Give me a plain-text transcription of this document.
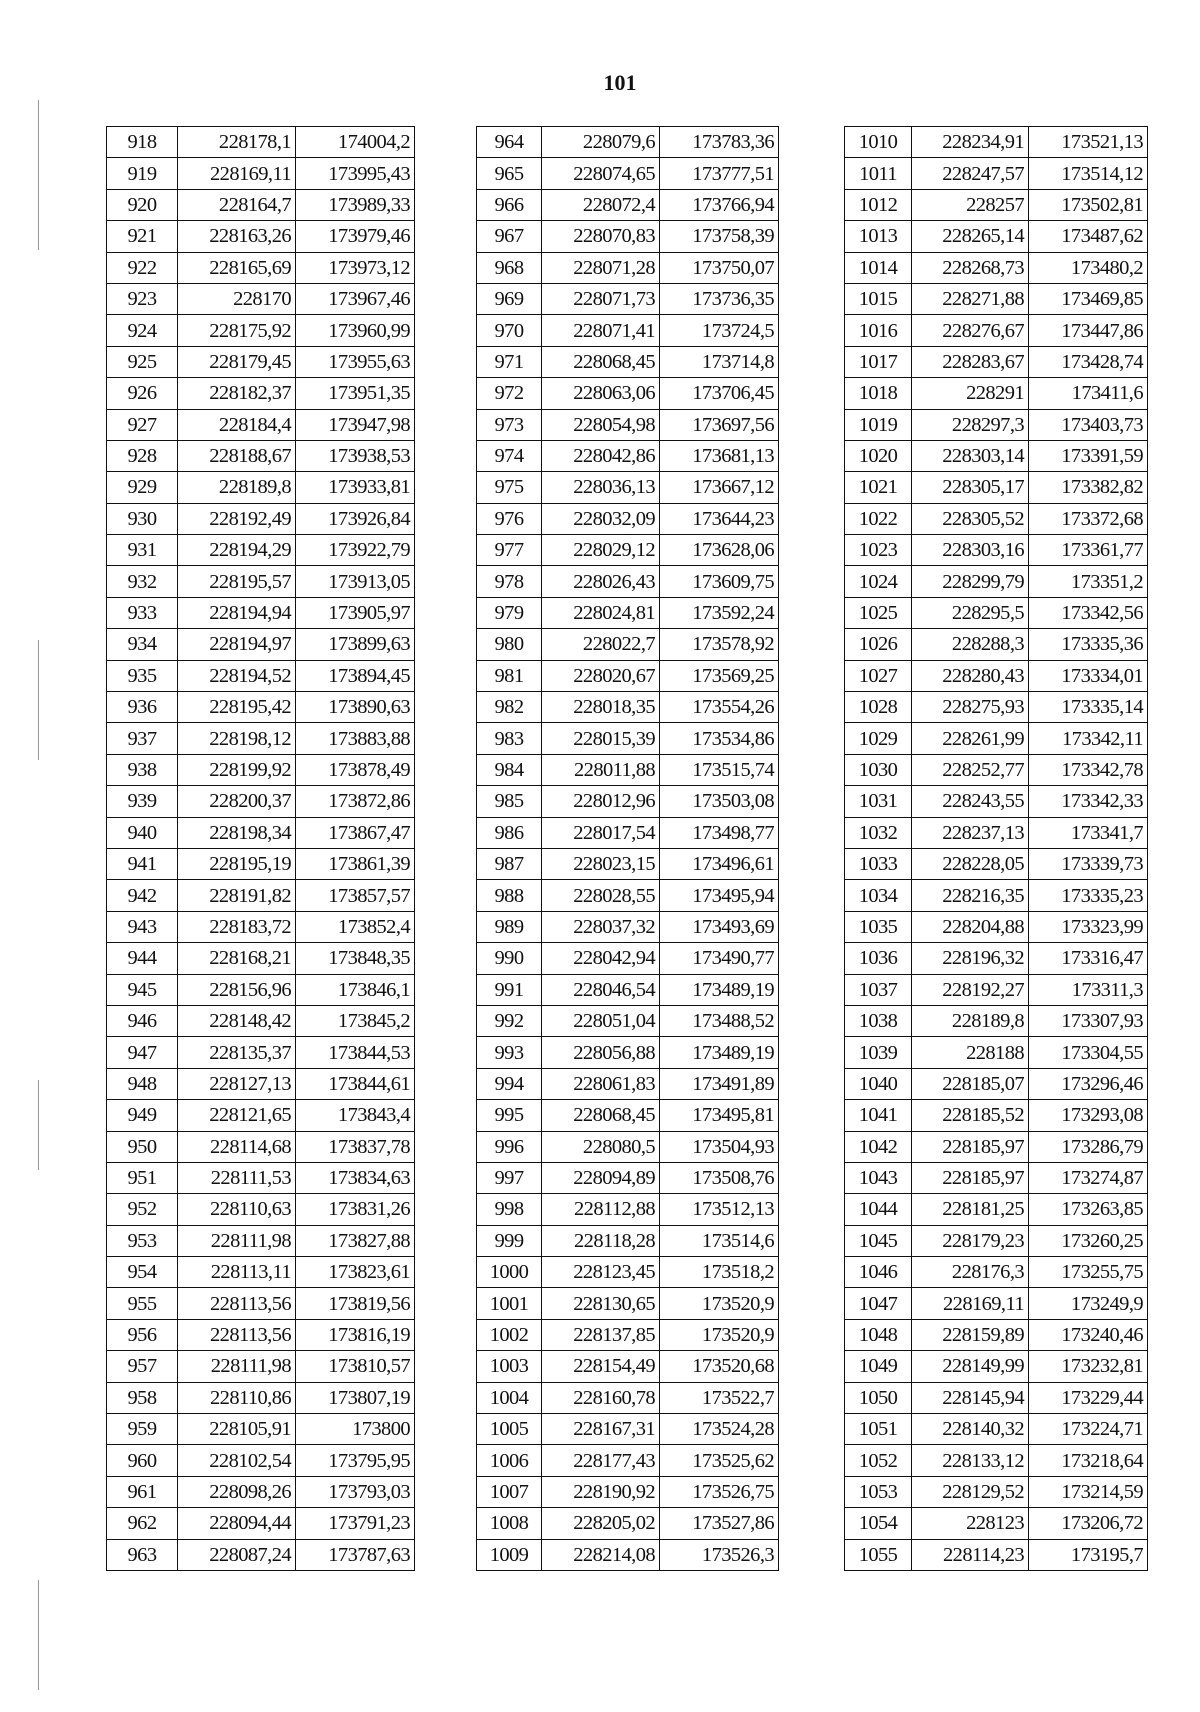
101
918	228178,1	174004,2
919	228169,11	173995,43
920	228164,7	173989,33
921	228163,26	173979,46
922	228165,69	173973,12
923	228170	173967,46
924	228175,92	173960,99
925	228179,45	173955,63
926	228182,37	173951,35
927	228184,4	173947,98
928	228188,67	173938,53
929	228189,8	173933,81
930	228192,49	173926,84
931	228194,29	173922,79
932	228195,57	173913,05
933	228194,94	173905,97
934	228194,97	173899,63
935	228194,52	173894,45
936	228195,42	173890,63
937	228198,12	173883,88
938	228199,92	173878,49
939	228200,37	173872,86
940	228198,34	173867,47
941	228195,19	173861,39
942	228191,82	173857,57
943	228183,72	173852,4
944	228168,21	173848,35
945	228156,96	173846,1
946	228148,42	173845,2
947	228135,37	173844,53
948	228127,13	173844,61
949	228121,65	173843,4
950	228114,68	173837,78
951	228111,53	173834,63
952	228110,63	173831,26
953	228111,98	173827,88
954	228113,11	173823,61
955	228113,56	173819,56
956	228113,56	173816,19
957	228111,98	173810,57
958	228110,86	173807,19
959	228105,91	173800
960	228102,54	173795,95
961	228098,26	173793,03
962	228094,44	173791,23
963	228087,24	173787,63
964	228079,6	173783,36
965	228074,65	173777,51
966	228072,4	173766,94
967	228070,83	173758,39
968	228071,28	173750,07
969	228071,73	173736,35
970	228071,41	173724,5
971	228068,45	173714,8
972	228063,06	173706,45
973	228054,98	173697,56
974	228042,86	173681,13
975	228036,13	173667,12
976	228032,09	173644,23
977	228029,12	173628,06
978	228026,43	173609,75
979	228024,81	173592,24
980	228022,7	173578,92
981	228020,67	173569,25
982	228018,35	173554,26
983	228015,39	173534,86
984	228011,88	173515,74
985	228012,96	173503,08
986	228017,54	173498,77
987	228023,15	173496,61
988	228028,55	173495,94
989	228037,32	173493,69
990	228042,94	173490,77
991	228046,54	173489,19
992	228051,04	173488,52
993	228056,88	173489,19
994	228061,83	173491,89
995	228068,45	173495,81
996	228080,5	173504,93
997	228094,89	173508,76
998	228112,88	173512,13
999	228118,28	173514,6
1000	228123,45	173518,2
1001	228130,65	173520,9
1002	228137,85	173520,9
1003	228154,49	173520,68
1004	228160,78	173522,7
1005	228167,31	173524,28
1006	228177,43	173525,62
1007	228190,92	173526,75
1008	228205,02	173527,86
1009	228214,08	173526,3
1010	228234,91	173521,13
1011	228247,57	173514,12
1012	228257	173502,81
1013	228265,14	173487,62
1014	228268,73	173480,2
1015	228271,88	173469,85
1016	228276,67	173447,86
1017	228283,67	173428,74
1018	228291	173411,6
1019	228297,3	173403,73
1020	228303,14	173391,59
1021	228305,17	173382,82
1022	228305,52	173372,68
1023	228303,16	173361,77
1024	228299,79	173351,2
1025	228295,5	173342,56
1026	228288,3	173335,36
1027	228280,43	173334,01
1028	228275,93	173335,14
1029	228261,99	173342,11
1030	228252,77	173342,78
1031	228243,55	173342,33
1032	228237,13	173341,7
1033	228228,05	173339,73
1034	228216,35	173335,23
1035	228204,88	173323,99
1036	228196,32	173316,47
1037	228192,27	173311,3
1038	228189,8	173307,93
1039	228188	173304,55
1040	228185,07	173296,46
1041	228185,52	173293,08
1042	228185,97	173286,79
1043	228185,97	173274,87
1044	228181,25	173263,85
1045	228179,23	173260,25
1046	228176,3	173255,75
1047	228169,11	173249,9
1048	228159,89	173240,46
1049	228149,99	173232,81
1050	228145,94	173229,44
1051	228140,32	173224,71
1052	228133,12	173218,64
1053	228129,52	173214,59
1054	228123	173206,72
1055	228114,23	173195,7
